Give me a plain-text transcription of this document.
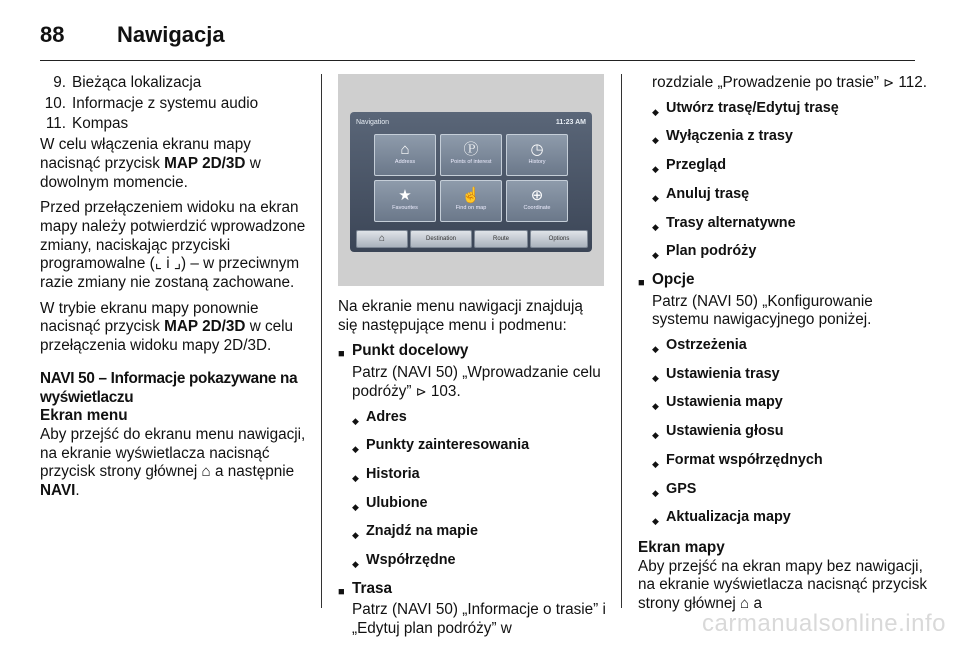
88 Nawigacja
9. Bieżąca lokalizacja
10. Informacje z systemu audio
11. Kompas

W celu włączenia ekranu mapy nacisnąć przycisk MAP 2D/3D w dowolnym momencie.

Przed przełączeniem widoku na ekran mapy należy potwierdzić wprowadzone zmiany, naciskając przyciski programowalne (⌞ i ⌟) – w przeciwnym razie zmiany nie zostaną zachowane.

W trybie ekranu mapy ponownie nacisnąć przycisk MAP 2D/3D w celu przełączenia widoku mapy 2D/3D.

NAVI 50 – Informacje pokazywane na wyświetlaczu

Ekran menu

Aby przejść do ekranu menu nawigacji, na ekranie wyświetlacza nacisnąć przycisk strony głównej ⌂ a następnie NAVI.

Navigation	11:23 AM
⌂
Address
Ⓟ
Points of interest
◷
History
★
Favourites
☝
Find on map
⊕
Coordinate
⌂	Destination	Route	Options

Na ekranie menu nawigacji znajdują się następujące menu i podmenu:

■ Punkt docelowy

Patrz (NAVI 50) „Wprowadzanie celu podróży” ⊳ 103.

◆ Adres
◆ Punkty zainteresowania
◆ Historia
◆ Ulubione
◆ Znajdź na mapie
◆ Współrzędne
■ Trasa

Patrz (NAVI 50) „Informacje o trasie” i „Edytuj plan podróży” w

rozdziale „Prowadzenie po trasie” ⊳ 112.

◆ Utwórz trasę/Edytuj trasę
◆ Wyłączenia z trasy
◆ Przegląd
◆ Anuluj trasę
◆ Trasy alternatywne
◆ Plan podróży
■ Opcje

Patrz (NAVI 50) „Konfigurowanie systemu nawigacyjnego poniżej.

◆ Ostrzeżenia
◆ Ustawienia trasy
◆ Ustawienia mapy
◆ Ustawienia głosu
◆ Format współrzędnych
◆ GPS
◆ Aktualizacja mapy

Ekran mapy

Aby przejść na ekran mapy bez nawigacji, na ekranie wyświetlacza nacisnąć przycisk strony głównej ⌂ a

carmanualsonline.info
